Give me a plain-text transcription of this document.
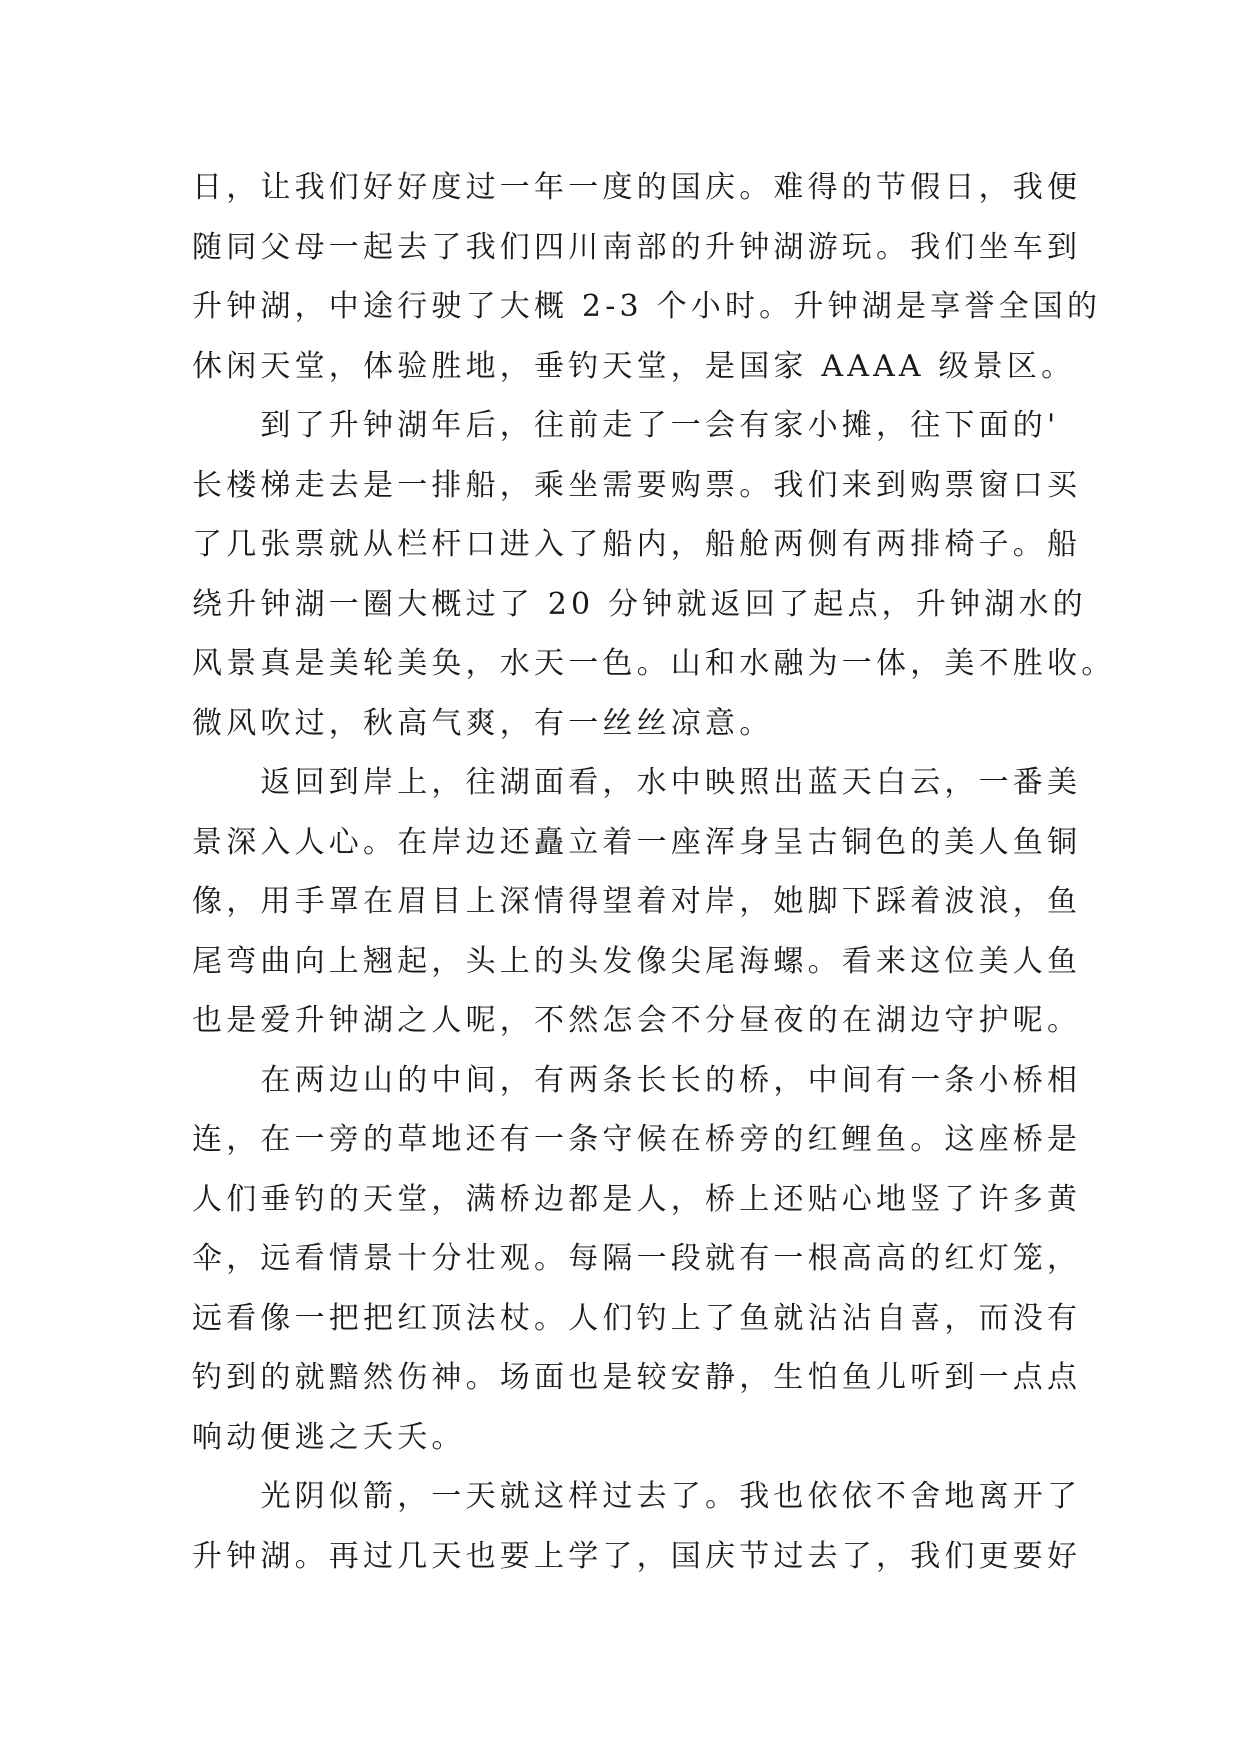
日，让我们好好度过一年一度的国庆。难得的节假日，我便
随同父母一起去了我们四川南部的升钟湖游玩。我们坐车到
升钟湖，中途行驶了大概 2-3 个小时。升钟湖是享誉全国的
休闲天堂，体验胜地，垂钓天堂，是国家 AAAA 级景区。
　　到了升钟湖年后，往前走了一会有家小摊，往下面的'
长楼梯走去是一排船，乘坐需要购票。我们来到购票窗口买
了几张票就从栏杆口进入了船内，船舱两侧有两排椅子。船
绕升钟湖一圈大概过了 20 分钟就返回了起点，升钟湖水的
风景真是美轮美奂，水天一色。山和水融为一体，美不胜收。
微风吹过，秋高气爽，有一丝丝凉意。
　　返回到岸上，往湖面看，水中映照出蓝天白云，一番美
景深入人心。在岸边还矗立着一座浑身呈古铜色的美人鱼铜
像，用手罩在眉目上深情得望着对岸，她脚下踩着波浪，鱼
尾弯曲向上翘起，头上的头发像尖尾海螺。看来这位美人鱼
也是爱升钟湖之人呢，不然怎会不分昼夜的在湖边守护呢。
　　在两边山的中间，有两条长长的桥，中间有一条小桥相
连，在一旁的草地还有一条守候在桥旁的红鲤鱼。这座桥是
人们垂钓的天堂，满桥边都是人，桥上还贴心地竖了许多黄
伞，远看情景十分壮观。每隔一段就有一根高高的红灯笼，
远看像一把把红顶法杖。人们钓上了鱼就沾沾自喜，而没有
钓到的就黯然伤神。场面也是较安静，生怕鱼儿听到一点点
响动便逃之夭夭。
　　光阴似箭，一天就这样过去了。我也依依不舍地离开了
升钟湖。再过几天也要上学了，国庆节过去了，我们更要好
